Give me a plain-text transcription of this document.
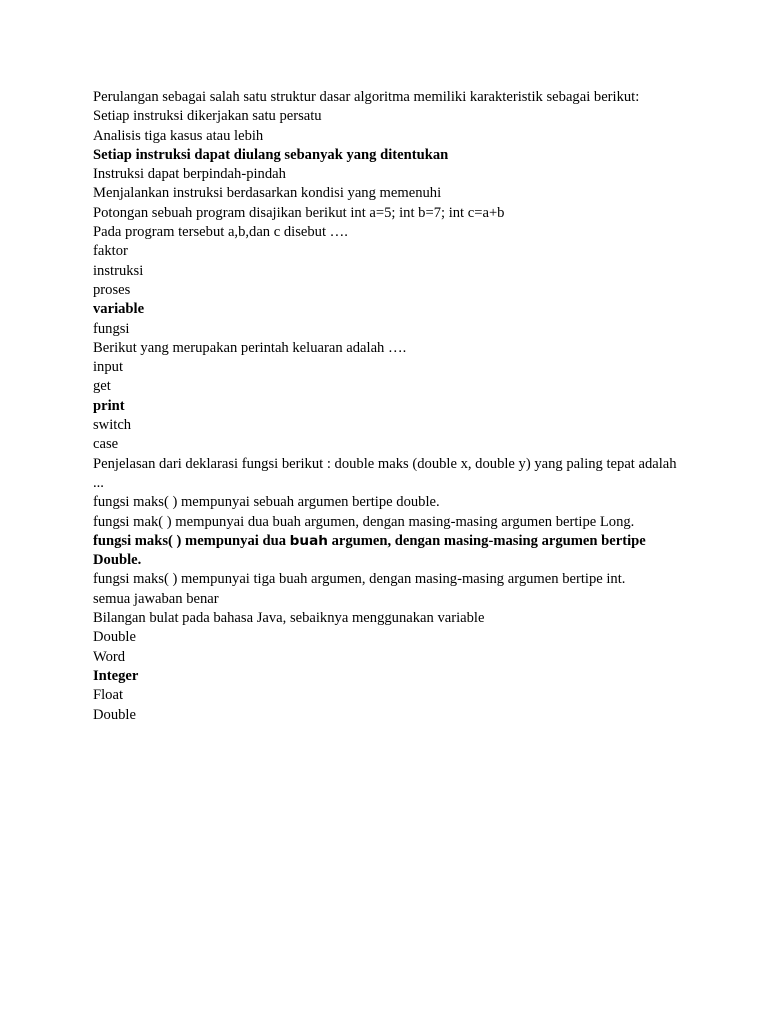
Perulangan sebagai salah satu struktur dasar algoritma memiliki karakteristik sebagai berikut:
Setiap instruksi dikerjakan satu persatu
Analisis tiga kasus atau lebih
Setiap instruksi dapat diulang sebanyak yang ditentukan
Instruksi dapat berpindah-pindah
Menjalankan instruksi berdasarkan kondisi yang memenuhi
Potongan sebuah program disajikan berikut int a=5; int b=7; int c=a+b
Pada program tersebut a,b,dan c disebut ….
faktor
instruksi
proses
variable
fungsi
Berikut yang merupakan perintah keluaran adalah ….
input
get
print
switch
case
Penjelasan dari deklarasi fungsi berikut : double maks (double x, double y) yang paling tepat adalah ...
fungsi maks( ) mempunyai sebuah argumen bertipe double.
fungsi mak( ) mempunyai dua buah argumen, dengan masing-masing argumen bertipe Long.
fungsi maks( ) mempunyai dua buah argumen, dengan masing-masing argumen bertipe Double.
fungsi maks( ) mempunyai tiga buah argumen, dengan masing-masing argumen bertipe int.
semua jawaban benar
Bilangan bulat pada bahasa Java, sebaiknya menggunakan variable
Double
Word
Integer
Float
Double
